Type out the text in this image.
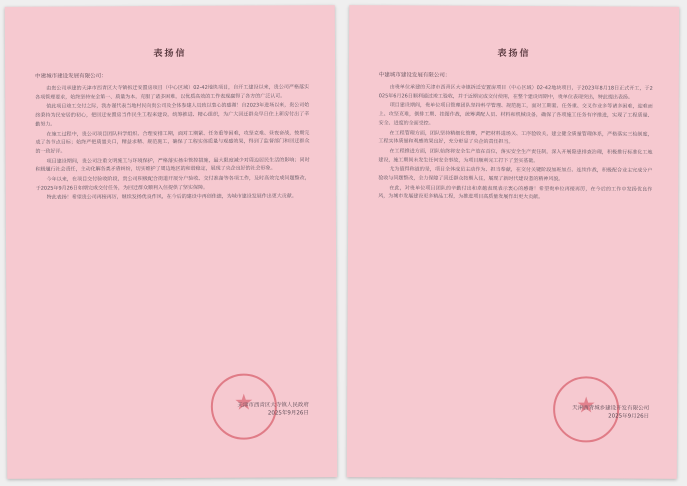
表扬信
中建城市建设发展有限公司：

由贵公司承建的天津市西青区大寺镇拆迁安置房项目（中心区域）02-42地块项目，自开工建设以来，贵公司严格落实各项管理要求，始终坚持安全第一、质量为本，克服了诸多困难，以优质高效的工作表现赢得了各方的广泛认可。

值此项目竣工交付之际，我办谨代表当地村民向贵公司及全体参建人员致以衷心的感谢！自2023年进场以来，贵公司始终秉持为民安居的初心，把回迁安置房当作民生工程来建设，统筹推进、精心组织，为广大回迁群众早日住上新房付出了辛勤努力。

在施工过程中，贵公司项目团队科学组织、合理安排工期，面对工期紧、任务重等困难，攻坚克难、昼夜奋战，按期完成了各节点目标；始终严把质量关口，精益求精、规范施工，确保了工程实体质量与观感效果，得到了监督部门和回迁群众的一致好评。

项目建设期间，贵公司注重文明施工与环境保护，严格落实扬尘管控措施，最大限度减少对周边居民生活的影响；同时积极履行社会责任，主动化解各类矛盾纠纷，切实维护了周边地区的和谐稳定，展现了央企良好的社会形象。

今年以来，在项目交付验收阶段，贵公司积极配合街道开展分户验收、交付准备等各项工作，及时高效完成问题整改，于2025年9月26日如期完成交付任务，为回迁群众顺利入住提供了坚实保障。

特此表扬！希望贵公司再接再厉，继续发扬优良作风，在今后的建设中再创佳绩，为城市建设发展作出更大贡献。

★
天津市西青区大寺镇人民政府
2025年9月26日
表扬信
中建城市建设发展有限公司：

由贵单位承建的天津市西青区大寺镇拆迁安置房项目（中心区域）02-42地块项目，于2023年8月18日正式开工，于2025年6月26日顺利通过竣工验收，并于近期完成交付使用，在整个建设周期中，贵单位表现突出，特此提出表扬。

项目建设期间，贵单位项目管理团队坚持科学管理、规范施工，面对工期紧、任务重、交叉作业多等诸多困难，迎难而上、攻坚克难，倒排工期、挂图作战，统筹调配人员、材料和机械设备，确保了各项施工任务有序推进，实现了工程质量、安全、进度的全面受控。

在工程管理方面，团队坚持精细化管理，严把材料进场关、工序验收关，建立健全质量管理体系，严格落实三检制度，工程实体质量和观感效果良好，充分彰显了央企的责任担当。

在工程推进方面，团队始终将安全生产放在首位，落实安全生产责任制，深入开展隐患排查治理，积极推行标准化工地建设，施工期间未发生任何安全事故，为项目顺利完工打下了坚实基础。

尤为值得称道的是，项目全体成员主动作为、担当奉献，在交付关键阶段加班加点、连续作战，积极配合业主完成分户验收与问题整改，全力保障了回迁群众按期入住，展现了新时代建设者的精神风貌。

在此，对贵单位项目团队的辛勤付出和卓越表现表示衷心的感谢！希望贵单位再接再厉，在今后的工作中发扬优良作风，为城市发展建设更多精品工程，为推进项目高质量发展作出更大贡献。

★
天津西青城乡建设开发有限公司
2025年9月26日
